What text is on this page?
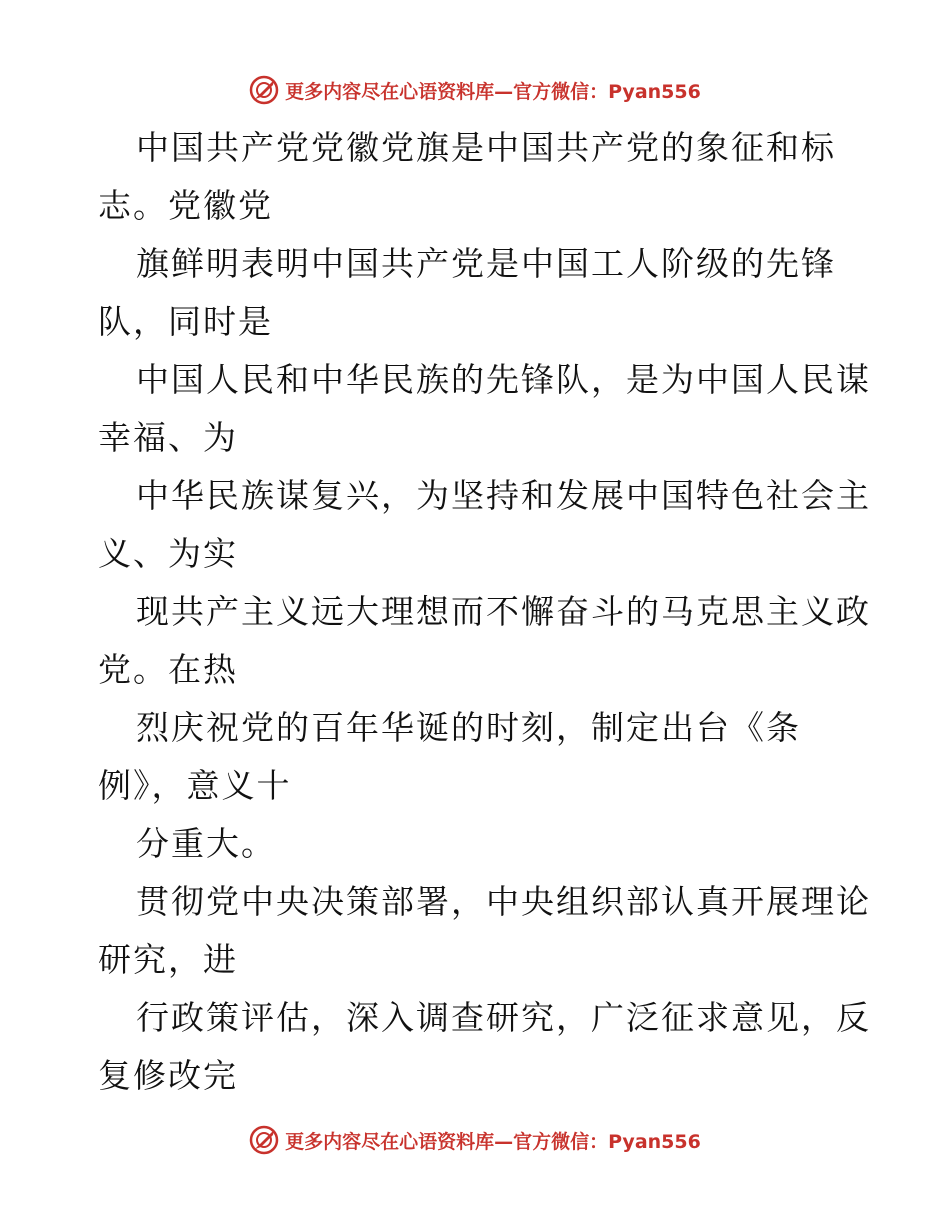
更多内容尽在心语资料库—官方微信：Pyan556
中国共产党党徽党旗是中国共产党的象征和标
志。党徽党
旗鲜明表明中国共产党是中国工人阶级的先锋
队，同时是
中国人民和中华民族的先锋队，是为中国人民谋
幸福、为
中华民族谋复兴，为坚持和发展中国特色社会主
义、为实
现共产主义远大理想而不懈奋斗的马克思主义政
党。在热
烈庆祝党的百年华诞的时刻，制定出台《条
例》，意义十
分重大。
贯彻党中央决策部署，中央组织部认真开展理论
研究，进
行政策评估，深入调查研究，广泛征求意见，反
复修改完
更多内容尽在心语资料库—官方微信：Pyan556
